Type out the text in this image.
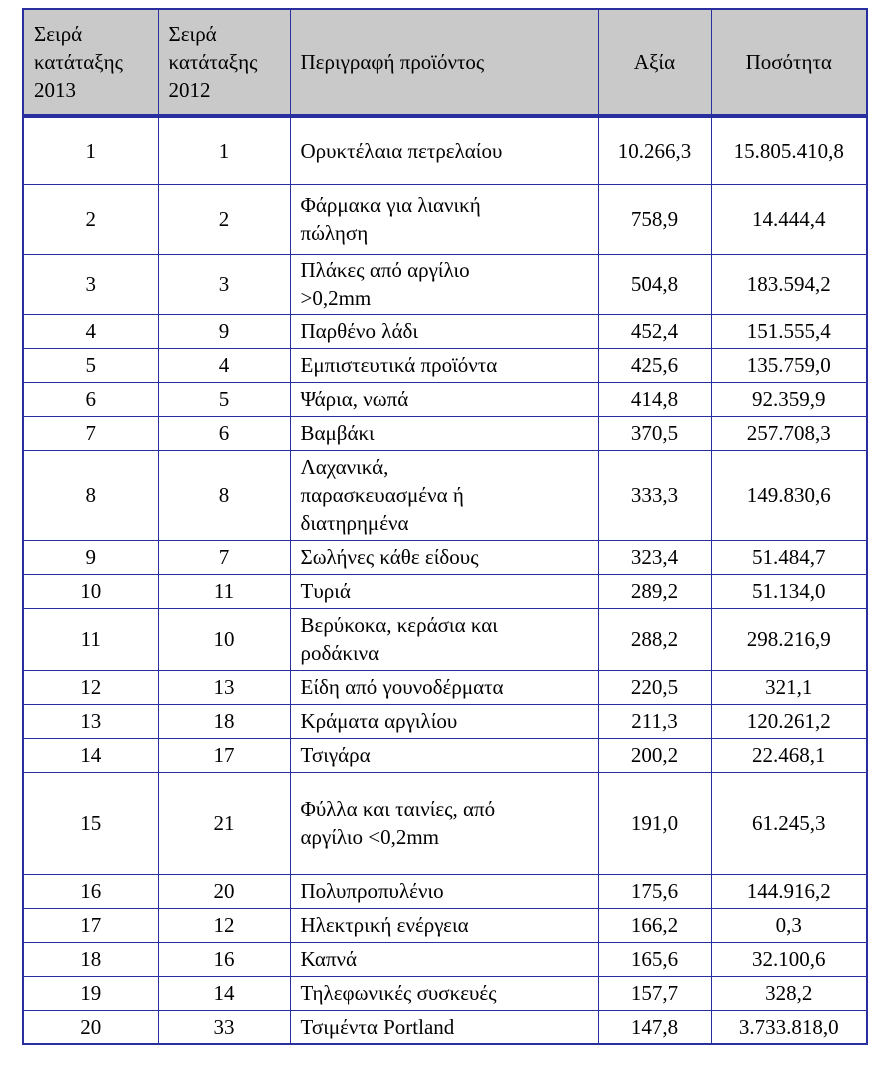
Σειρά
κατάταξης
2013	Σειρά
κατάταξης
2012	Περιγραφή προϊόντος	Αξία	Ποσότητα
1	1	Ορυκτέλαια πετρελαίου	10.266,3	15.805.410,8
2	2	Φάρμακα για λιανική
πώληση	758,9	14.444,4
3	3	Πλάκες από αργίλιο
>0,2mm	504,8	183.594,2
4	9	Παρθένο λάδι	452,4	151.555,4
5	4	Εμπιστευτικά προϊόντα	425,6	135.759,0
6	5	Ψάρια, νωπά	414,8	92.359,9
7	6	Βαμβάκι	370,5	257.708,3
8	8	Λαχανικά,
παρασκευασμένα ή
διατηρημένα	333,3	149.830,6
9	7	Σωλήνες κάθε είδους	323,4	51.484,7
10	11	Τυριά	289,2	51.134,0
11	10	Βερύκοκα, κεράσια και
ροδάκινα	288,2	298.216,9
12	13	Είδη από γουνοδέρματα	220,5	321,1
13	18	Κράματα αργιλίου	211,3	120.261,2
14	17	Τσιγάρα	200,2	22.468,1
15	21	Φύλλα και ταινίες, από
αργίλιο <0,2mm	191,0	61.245,3
16	20	Πολυπροπυλένιο	175,6	144.916,2
17	12	Ηλεκτρική ενέργεια	166,2	0,3
18	16	Καπνά	165,6	32.100,6
19	14	Τηλεφωνικές συσκευές	157,7	328,2
20	33	Τσιμέντα Portland	147,8	3.733.818,0
